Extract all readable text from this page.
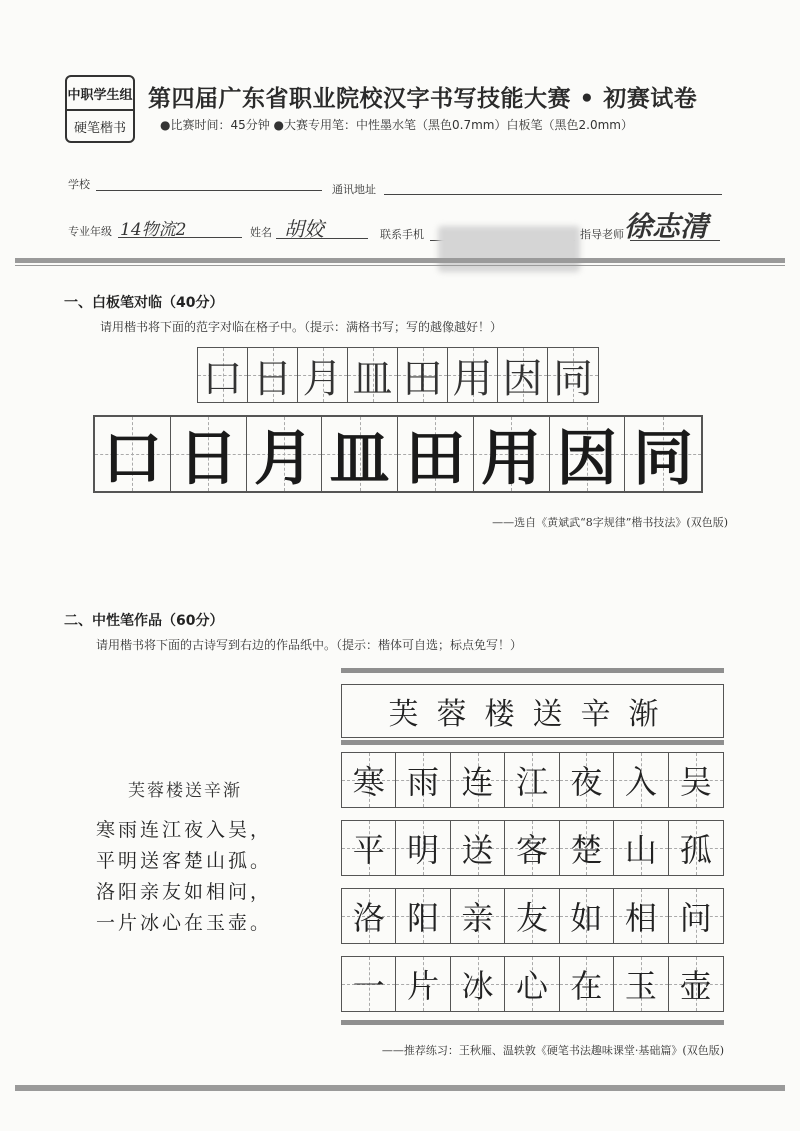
中职学生组
硬笔楷书
第四届广东省职业院校汉字书写技能大赛 • 初赛试卷
●比赛时间：45分钟 ●大赛专用笔：中性墨水笔（黑色0.7mm）白板笔（黑色2.0mm）
学校	通讯地址
专业年级 14物流2	姓名 胡姣	联系手机	指导老师 徐志清
一、白板笔对临（40分）
请用楷书将下面的范字对临在格子中。（提示：满格书写；写的越像越好！）
口 日 月 皿 田 用 因 同
口 日 月 皿 田 用 因 同
——选自《黄斌武“8字规律”楷书技法》(双色版)
二、中性笔作品（60分）
请用楷书将下面的古诗写到右边的作品纸中。（提示：楷体可自选；标点免写！）
芙蓉楼送辛渐
寒雨连江夜入吴，
平明送客楚山孤。
洛阳亲友如相问，
一片冰心在玉壶。
芙蓉楼送辛渐
寒 雨 连 江 夜 入 吴
平 明 送 客 楚 山 孤
洛 阳 亲 友 如 相 问
一 片 冰 心 在 玉 壶
——推荐练习：王秋雁、温轶敦《硬笔书法趣味课堂·基础篇》(双色版)
